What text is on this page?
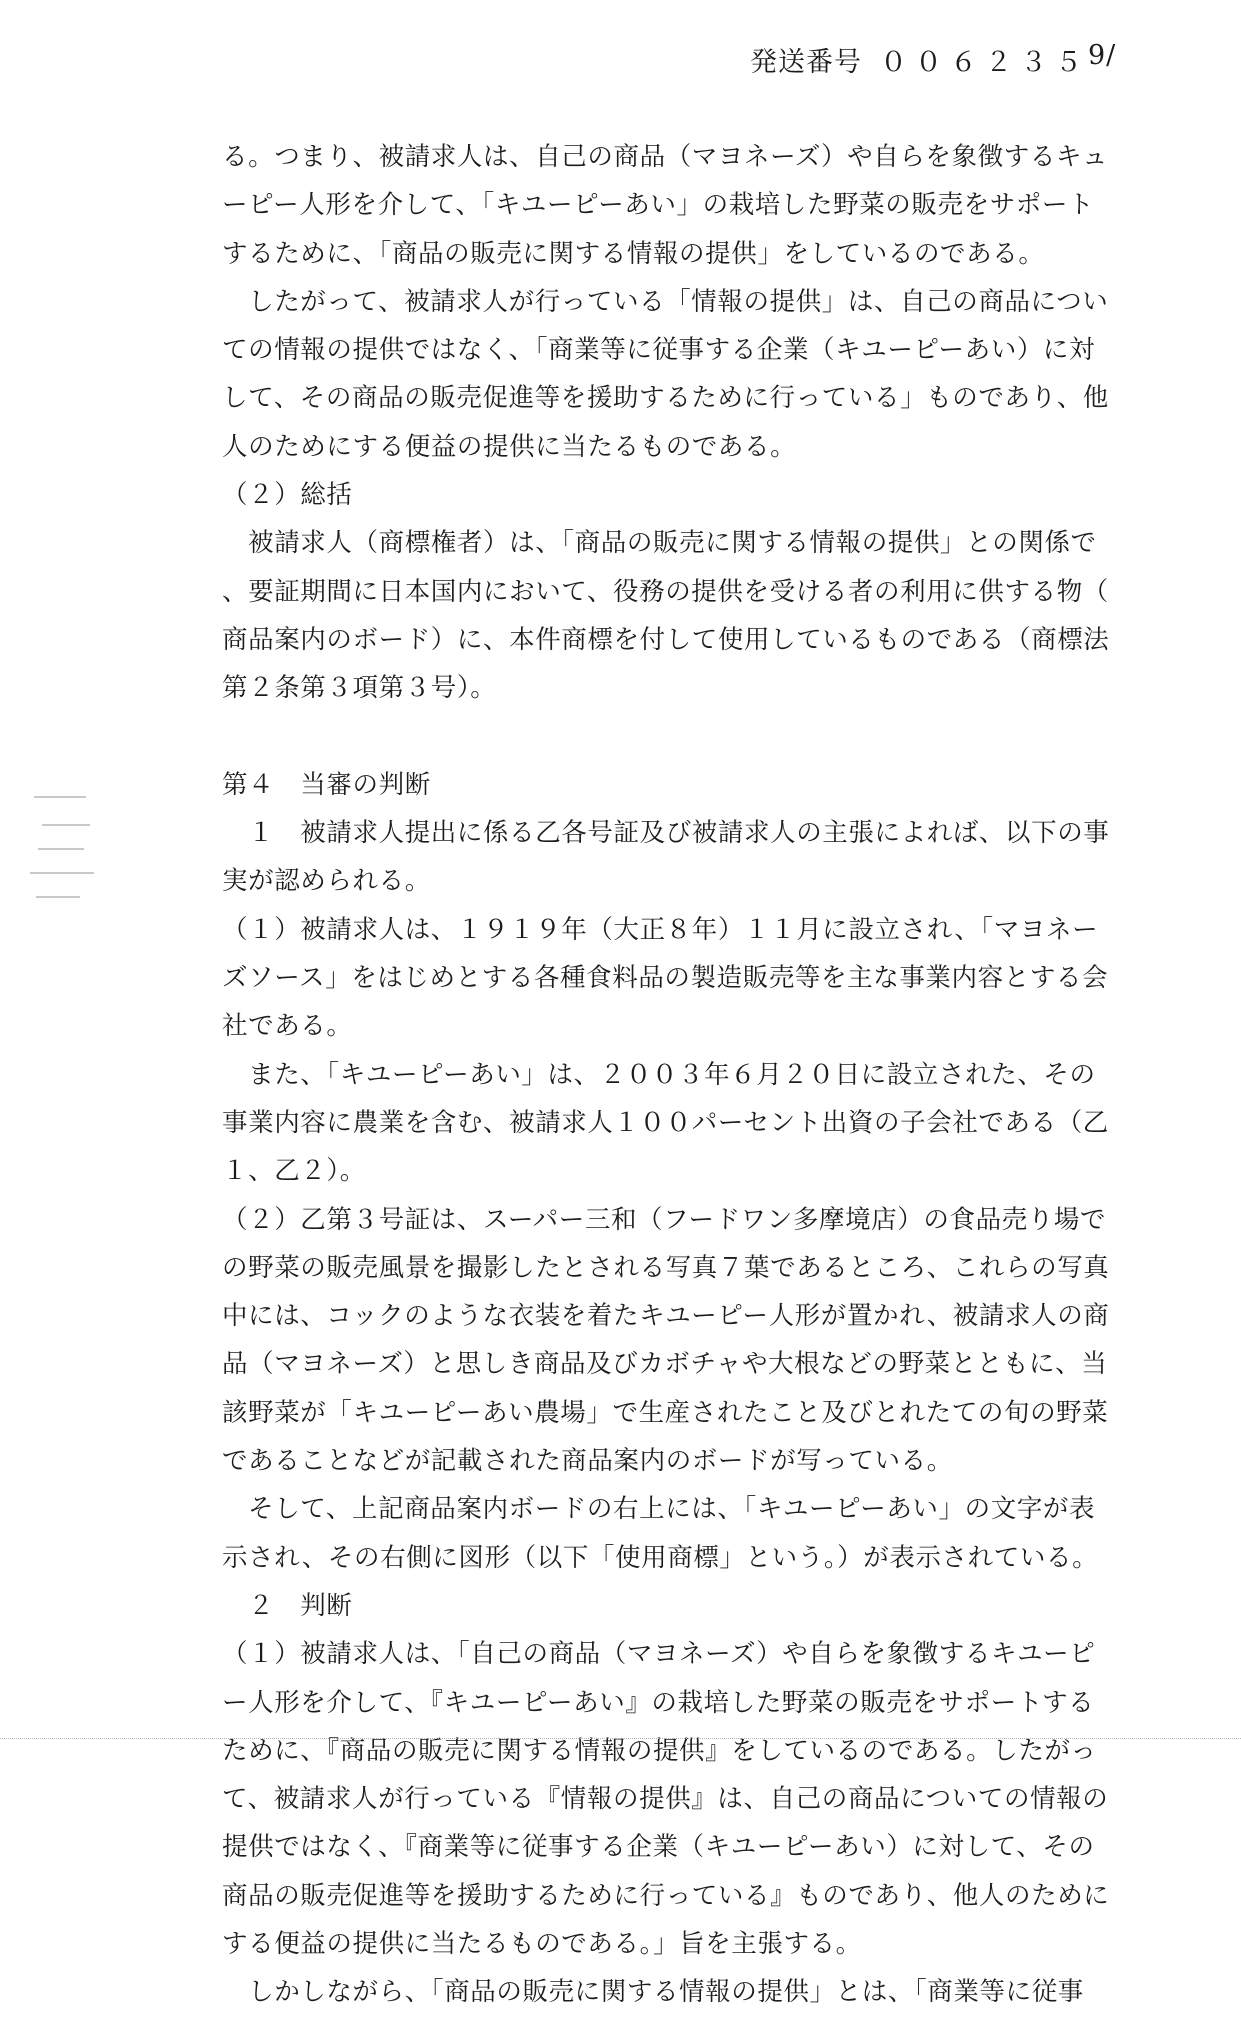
発送番号 ００６２３５
9/
る。つまり、被請求人は、自己の商品（マヨネーズ）や自らを象徴するキュ
ーピー人形を介して、「キユーピーあい」の栽培した野菜の販売をサポート
するために、「商品の販売に関する情報の提供」をしているのである。
　したがって、被請求人が行っている「情報の提供」は、自己の商品につい
ての情報の提供ではなく、「商業等に従事する企業（キユーピーあい）に対
して、その商品の販売促進等を援助するために行っている」ものであり、他
人のためにする便益の提供に当たるものである。
（２）総括
　被請求人（商標権者）は、「商品の販売に関する情報の提供」との関係で
、要証期間に日本国内において、役務の提供を受ける者の利用に供する物（
商品案内のボード）に、本件商標を付して使用しているものである（商標法
第２条第３項第３号）。
第４　当審の判断
　１　被請求人提出に係る乙各号証及び被請求人の主張によれば、以下の事
実が認められる。
（１）被請求人は、１９１９年（大正８年）１１月に設立され、「マヨネー
ズソース」をはじめとする各種食料品の製造販売等を主な事業内容とする会
社である。
　また、「キユーピーあい」は、２００３年６月２０日に設立された、その
事業内容に農業を含む、被請求人１００パーセント出資の子会社である（乙
１、乙２）。
（２）乙第３号証は、スーパー三和（フードワン多摩境店）の食品売り場で
の野菜の販売風景を撮影したとされる写真７葉であるところ、これらの写真
中には、コックのような衣装を着たキユーピー人形が置かれ、被請求人の商
品（マヨネーズ）と思しき商品及びカボチャや大根などの野菜とともに、当
該野菜が「キユーピーあい農場」で生産されたこと及びとれたての旬の野菜
であることなどが記載された商品案内のボードが写っている。
　そして、上記商品案内ボードの右上には、「キユーピーあい」の文字が表
示され、その右側に図形（以下「使用商標」という。）が表示されている。
　２　判断
（１）被請求人は、「自己の商品（マヨネーズ）や自らを象徴するキユーピ
ー人形を介して、『キユーピーあい』の栽培した野菜の販売をサポートする
ために、『商品の販売に関する情報の提供』をしているのである。したがっ
て、被請求人が行っている『情報の提供』は、自己の商品についての情報の
提供ではなく、『商業等に従事する企業（キユーピーあい）に対して、その
商品の販売促進等を援助するために行っている』ものであり、他人のために
する便益の提供に当たるものである。」旨を主張する。
　しかしながら、「商品の販売に関する情報の提供」とは、「商業等に従事
